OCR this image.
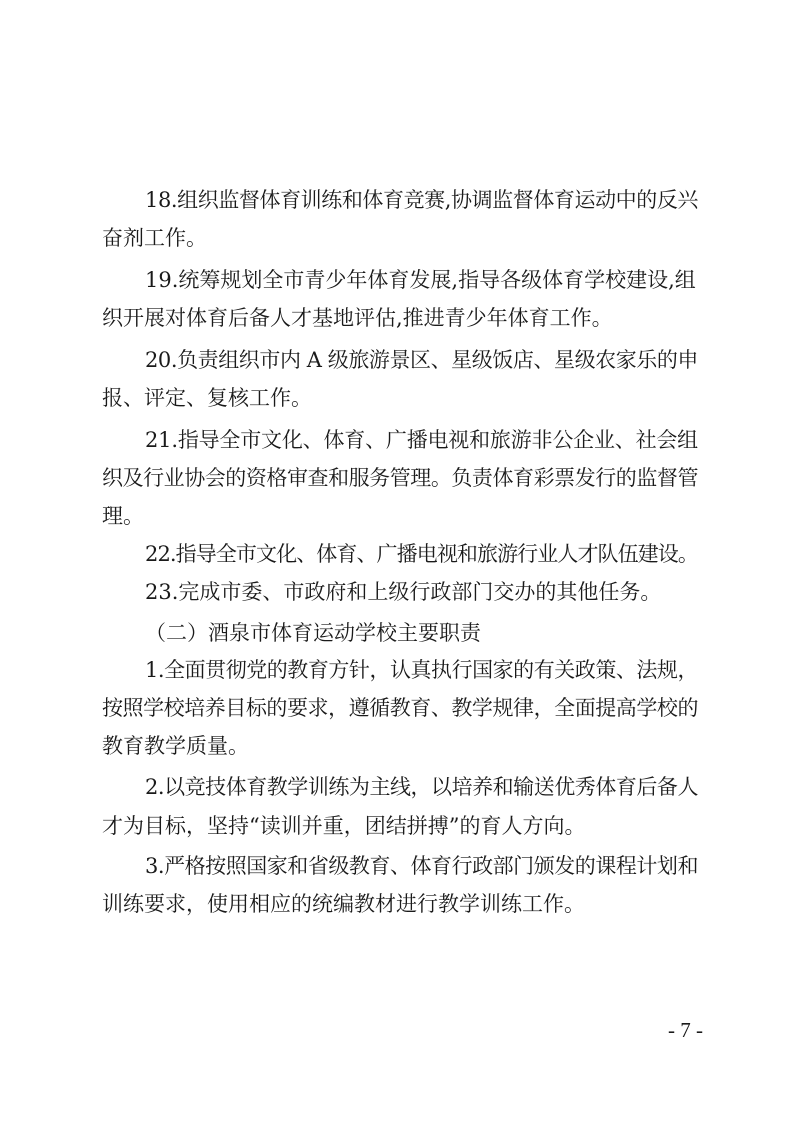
18.组织监督体育训练和体育竞赛,协调监督体育运动中的反兴
奋剂工作。
19.统筹规划全市青少年体育发展,指导各级体育学校建设,组
织开展对体育后备人才基地评估,推进青少年体育工作。
20.负责组织市内 A 级旅游景区、星级饭店、星级农家乐的申
报、评定、复核工作。
21.指导全市文化、体育、广播电视和旅游非公企业、社会组
织及行业协会的资格审查和服务管理。负责体育彩票发行的监督管
理。
22.指导全市文化、体育、广播电视和旅游行业人才队伍建设。
23.完成市委、市政府和上级行政部门交办的其他任务。
（二）酒泉市体育运动学校主要职责
1.全面贯彻党的教育方针，认真执行国家的有关政策、法规，
按照学校培养目标的要求，遵循教育、教学规律，全面提高学校的
教育教学质量。
2.以竞技体育教学训练为主线，以培养和输送优秀体育后备人
才为目标，坚持“读训并重，团结拼搏”的育人方向。
3.严格按照国家和省级教育、体育行政部门颁发的课程计划和
训练要求，使用相应的统编教材进行教学训练工作。
- 7 -
